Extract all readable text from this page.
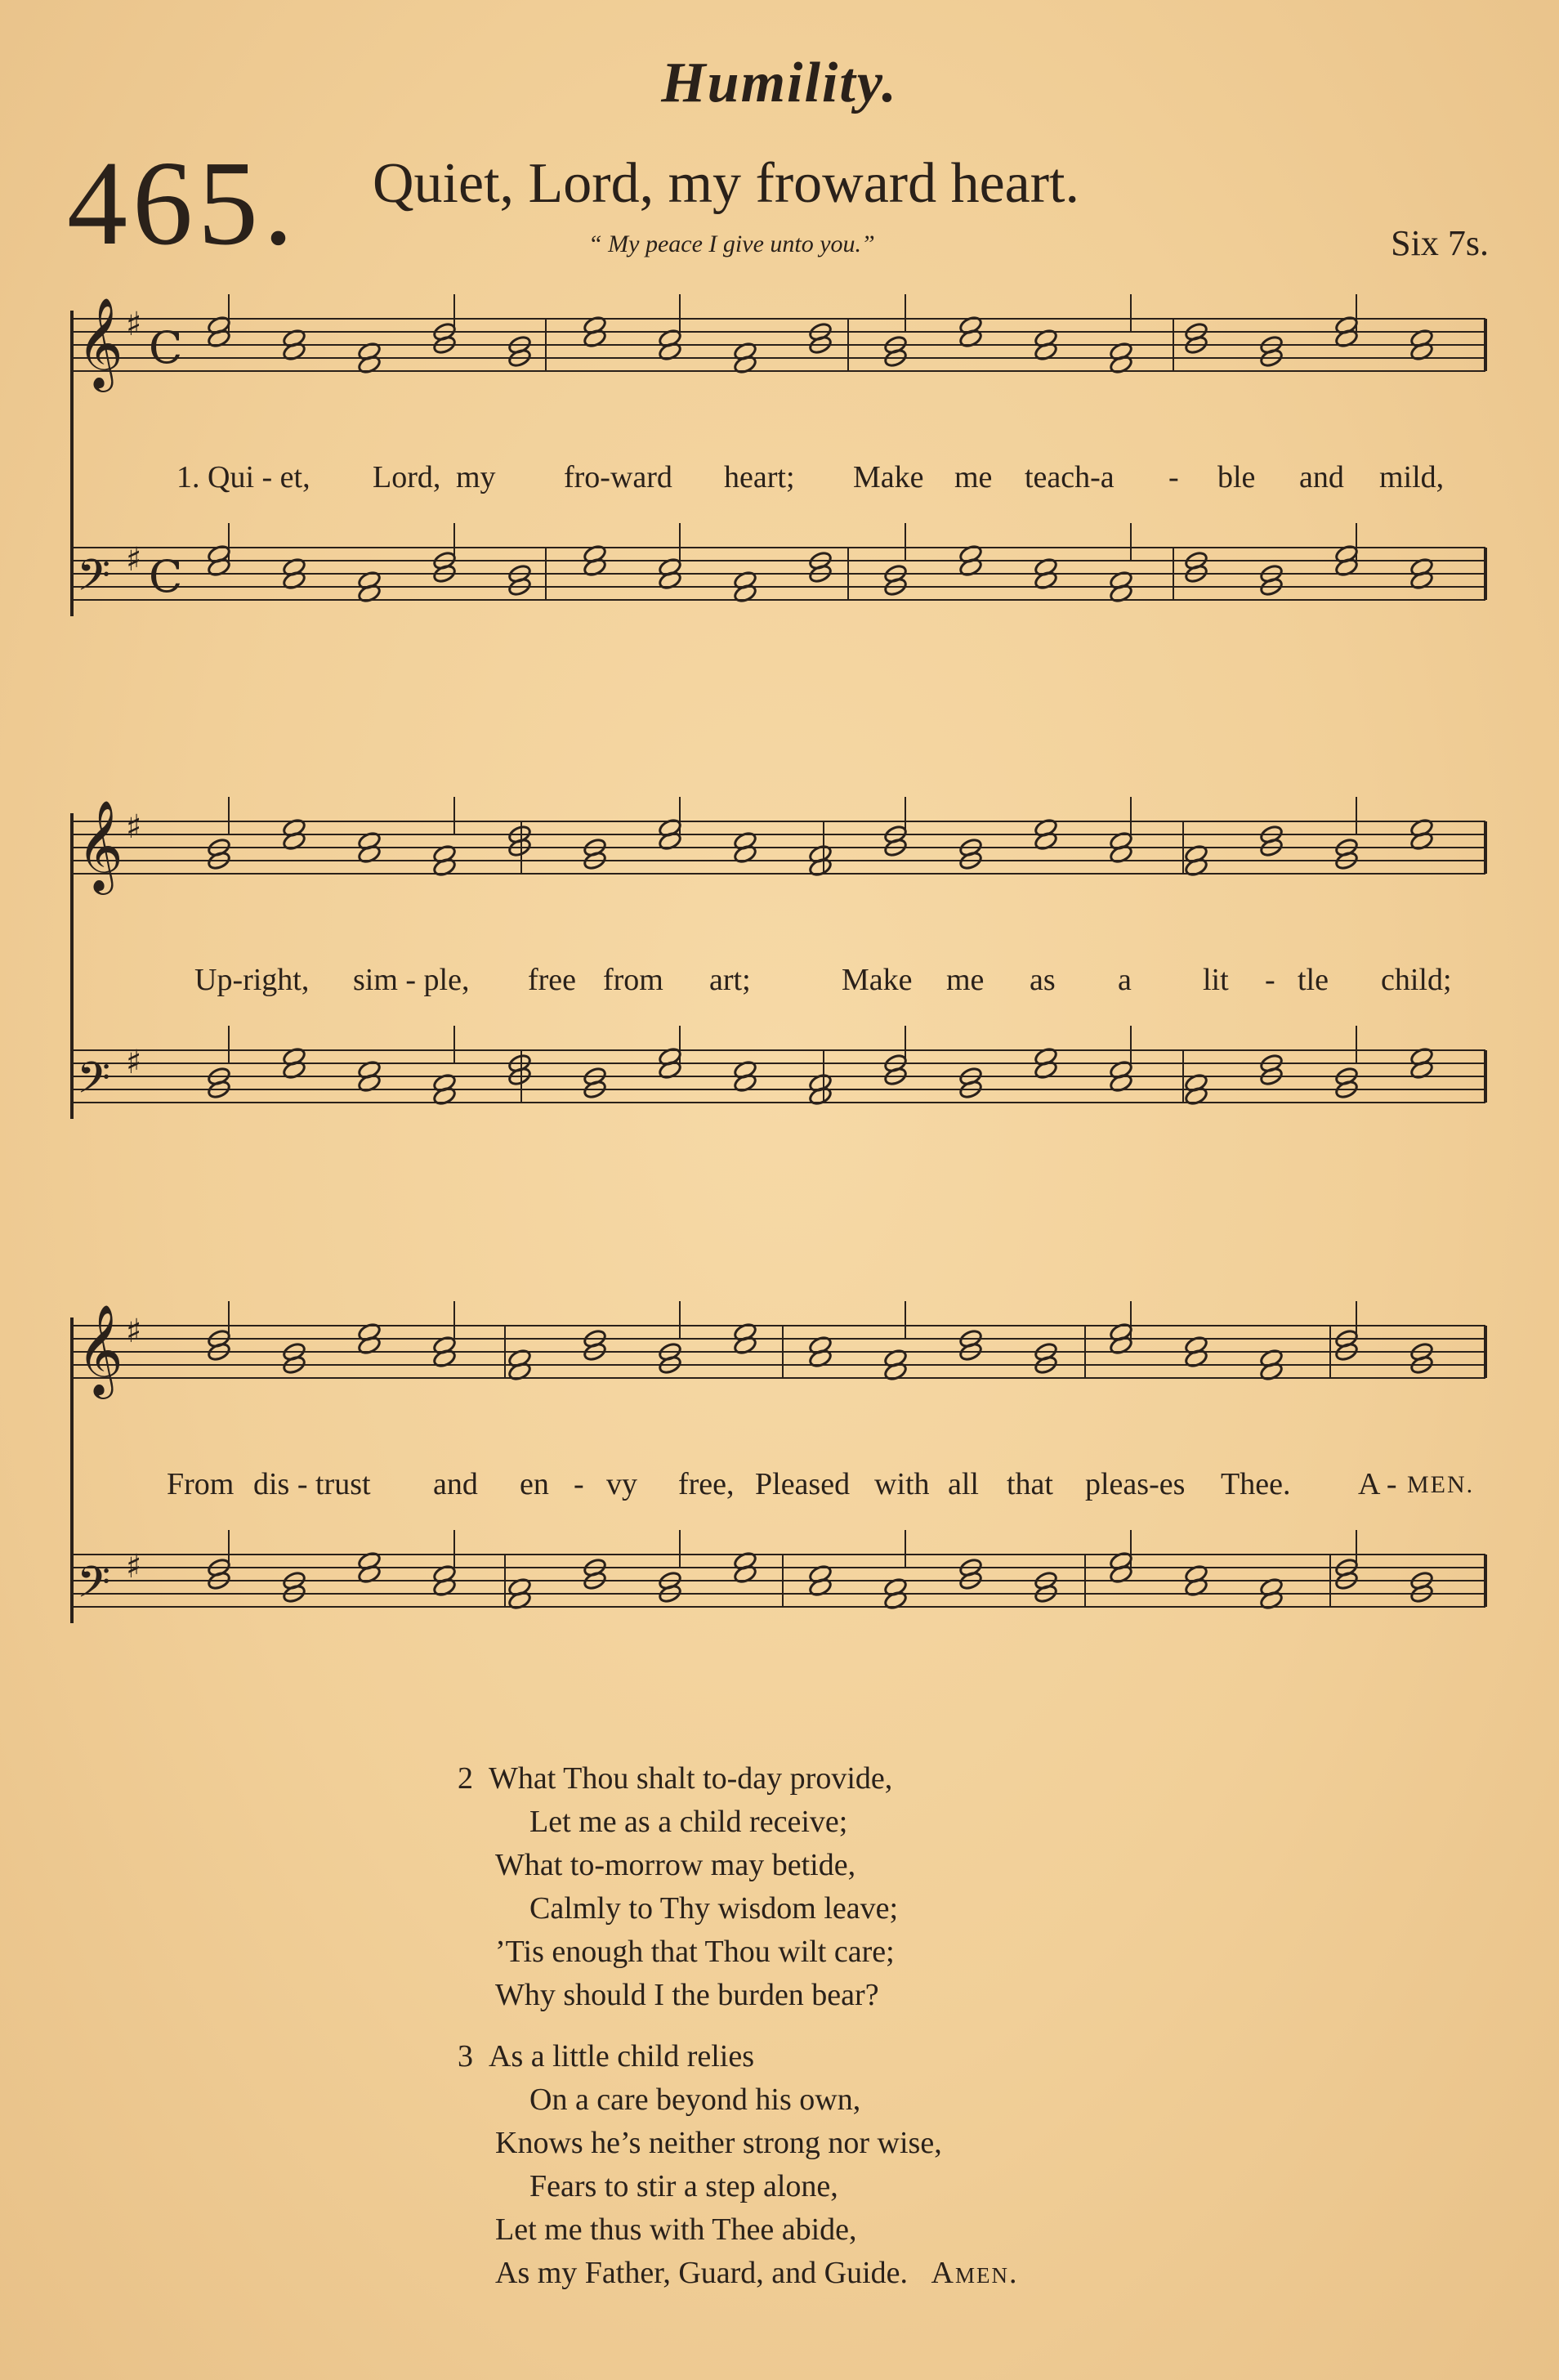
Humility.
465. Quiet, Lord, my froward heart.
“ My peace I give unto you.”	Six 7s.
𝄞 ♯ C
𝄢 ♯ C
1. Qui - et, Lord, my fro-ward heart; Make me teach-a - ble and mild,
𝄞 ♯
𝄢 ♯
Up-right, sim - ple, free from art;	Make me as a lit - tle child;
𝄞 ♯
𝄢 ♯
From dis - trust and en - vy free, Pleased with all that pleas-es Thee. A - MEN.
2 What Thou shalt to-day provide,
Let me as a child receive;
What to-morrow may betide,
Calmly to Thy wisdom leave;
’Tis enough that Thou wilt care;
Why should I the burden bear?
3 As a little child relies
On a care beyond his own,
Knows he’s neither strong nor wise,
Fears to stir a step alone,
Let me thus with Thee abide,
As my Father, Guard, and Guide. Amen.
